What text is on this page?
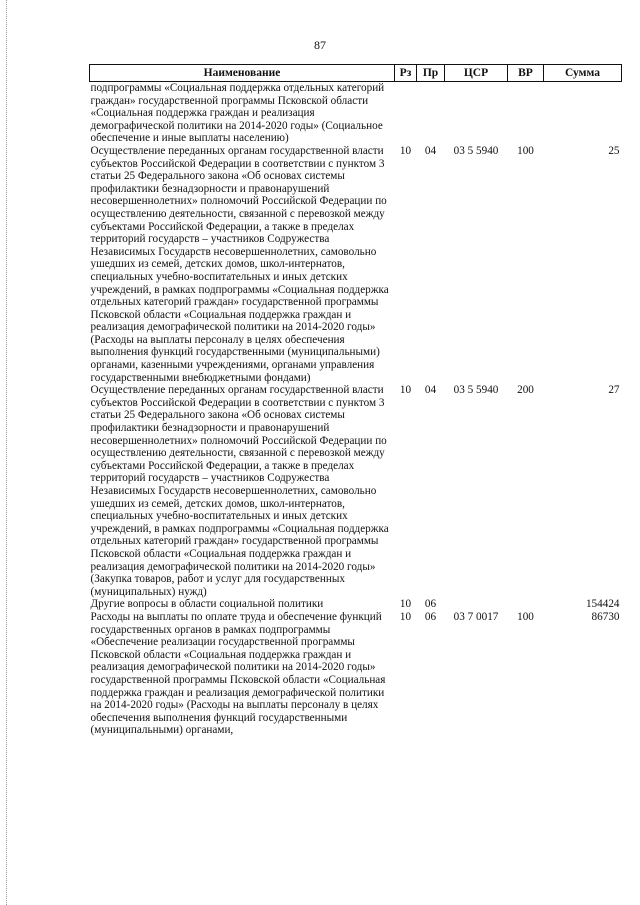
87
Наименование	Рз	Пр	ЦСР	ВР	Сумма
подпрограммы «Социальная поддержка отдельных категорий граждан» государственной программы Псковской области «Социальная поддержка граждан и реализация демографической политики на 2014-2020 годы» (Социальное обеспечение и иные выплаты населению)					
Осуществление переданных органам государственной власти субъектов Российской Федерации в соответствии с пунктом 3 статьи 25 Федерального закона «Об основах системы профилактики безнадзорности и правонарушений несовершеннолетних» полномочий Российской Федерации по осуществлению деятельности, связанной с перевозкой между субъектами Российской Федерации, а также в пределах территорий государств – участников Содружества Независимых Государств несовершеннолетних, самовольно ушедших из семей, детских домов, школ-интернатов, специальных учебно-воспитательных и иных детских учреждений, в рамках подпрограммы «Социальная поддержка отдельных категорий граждан» государственной программы Псковской области «Социальная поддержка граждан и реализация демографической политики на 2014-2020 годы» (Расходы на выплаты персоналу в целях обеспечения выполнения функций государственными (муниципальными) органами, казенными учреждениями, органами управления государственными внебюджетными фондами)	10	04	03 5 5940	100	25
Осуществление переданных органам государственной власти субъектов Российской Федерации в соответствии с пунктом 3 статьи 25 Федерального закона «Об основах системы профилактики безнадзорности и правонарушений несовершеннолетних» полномочий Российской Федерации по осуществлению деятельности, связанной с перевозкой между субъектами Российской Федерации, а также в пределах территорий государств – участников Содружества Независимых Государств несовершеннолетних, самовольно ушедших из семей, детских домов, школ-интернатов, специальных учебно-воспитательных и иных детских учреждений, в рамках подпрограммы «Социальная поддержка отдельных категорий граждан» государственной программы Псковской области «Социальная поддержка граждан и реализация демографической политики на 2014-2020 годы» (Закупка товаров, работ и услуг для государственных (муниципальных) нужд)	10	04	03 5 5940	200	27
Другие вопросы в области социальной политики	10	06			154424
Расходы на выплаты по оплате труда и обеспечение функций государственных органов в рамках подпрограммы «Обеспечение реализации государственной программы Псковской области «Социальная поддержка граждан и реализация демографической политики на 2014-2020 годы» государственной программы Псковской области «Социальная поддержка граждан и реализация демографической политики на 2014-2020 годы» (Расходы на выплаты персоналу в целях обеспечения выполнения функций государственными (муниципальными) органами,	10	06	03 7 0017	100	86730
